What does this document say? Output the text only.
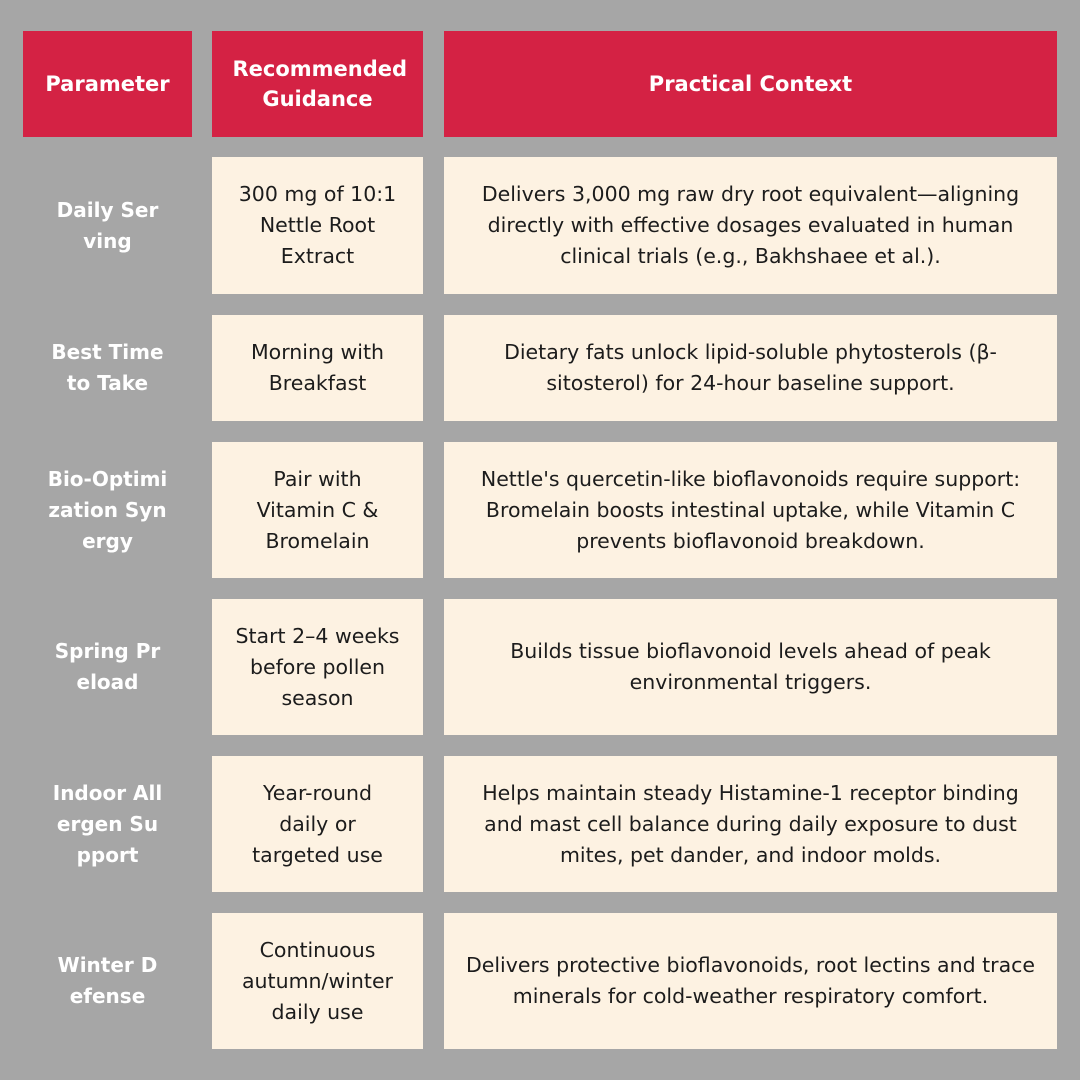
Parameter
Recommended Guidance
Practical Context
Daily Serving
300 mg of 10:1 Nettle Root Extract
Delivers 3,000 mg raw dry root equivalent—aligning directly with effective dosages evaluated in human clinical trials (e.g., Bakhshaee et al.).
Best Time to Take
Morning with Breakfast
Dietary fats unlock lipid-soluble phytosterols (β-sitosterol) for 24-hour baseline support.
Bio-Optimization Synergy
Pair with Vitamin C & Bromelain
Nettle's quercetin-like bioflavonoids require support: Bromelain boosts intestinal uptake, while Vitamin C prevents bioflavonoid breakdown.
Spring Preload
Start 2–4 weeks before pollen season
Builds tissue bioflavonoid levels ahead of peak environmental triggers.
Indoor Allergen Support
Year-round daily or targeted use
Helps maintain steady Histamine-1 receptor binding and mast cell balance during daily exposure to dust mites, pet dander, and indoor molds.
Winter Defense
Continuous autumn/winter daily use
Delivers protective bioflavonoids, root lectins and trace minerals for cold-weather respiratory comfort.
